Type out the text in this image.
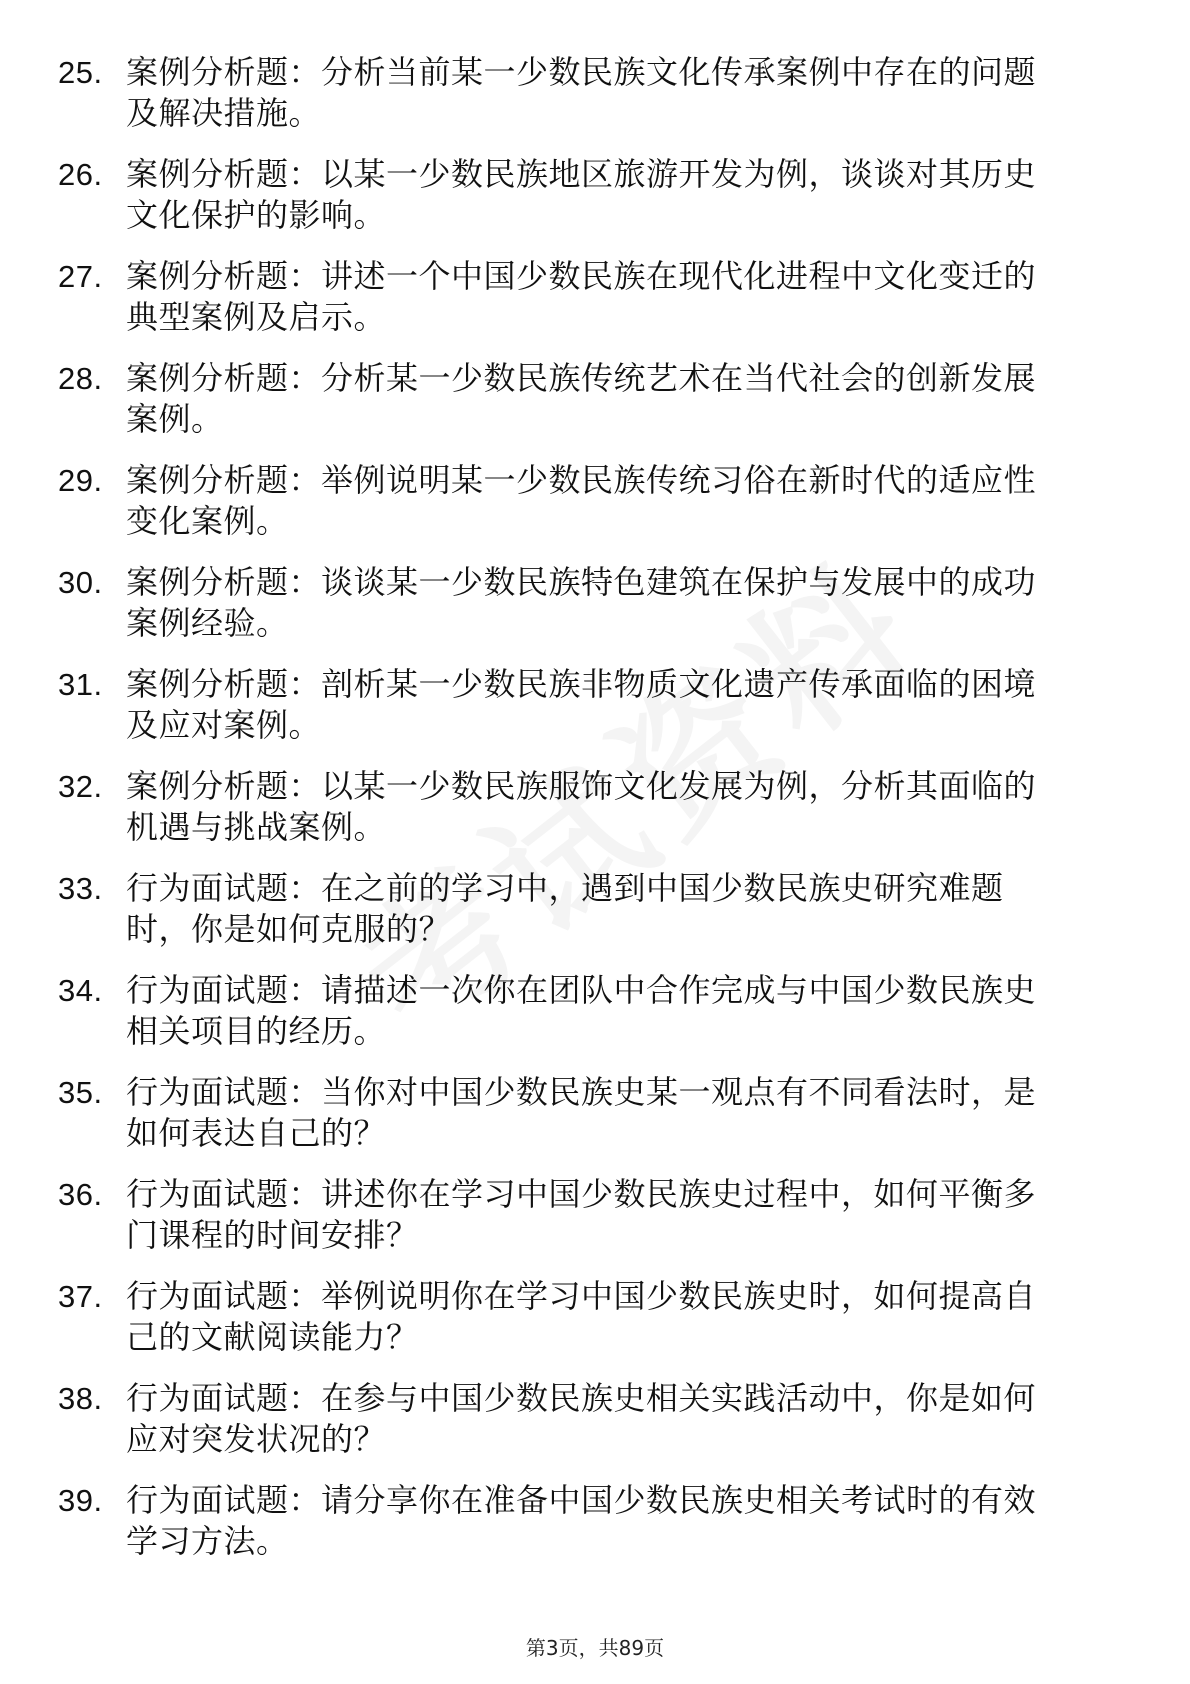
25. 案例分析题：分析当前某一少数民族文化传承案例中存在的问题
及解决措施。
26. 案例分析题：以某一少数民族地区旅游开发为例，谈谈对其历史
文化保护的影响。
27. 案例分析题：讲述一个中国少数民族在现代化进程中文化变迁的
典型案例及启示。
28. 案例分析题：分析某一少数民族传统艺术在当代社会的创新发展
案例。
29. 案例分析题：举例说明某一少数民族传统习俗在新时代的适应性
变化案例。
30. 案例分析题：谈谈某一少数民族特色建筑在保护与发展中的成功
案例经验。
31. 案例分析题：剖析某一少数民族非物质文化遗产传承面临的困境
及应对案例。
32. 案例分析题：以某一少数民族服饰文化发展为例，分析其面临的
机遇与挑战案例。
33. 行为面试题：在之前的学习中，遇到中国少数民族史研究难题
时，你是如何克服的？
34. 行为面试题：请描述一次你在团队中合作完成与中国少数民族史
相关项目的经历。
35. 行为面试题：当你对中国少数民族史某一观点有不同看法时，是
如何表达自己的？
36. 行为面试题：讲述你在学习中国少数民族史过程中，如何平衡多
门课程的时间安排？
37. 行为面试题：举例说明你在学习中国少数民族史时，如何提高自
己的文献阅读能力？
38. 行为面试题：在参与中国少数民族史相关实践活动中，你是如何
应对突发状况的？
39. 行为面试题：请分享你在准备中国少数民族史相关考试时的有效
学习方法。
第3页，共89页
